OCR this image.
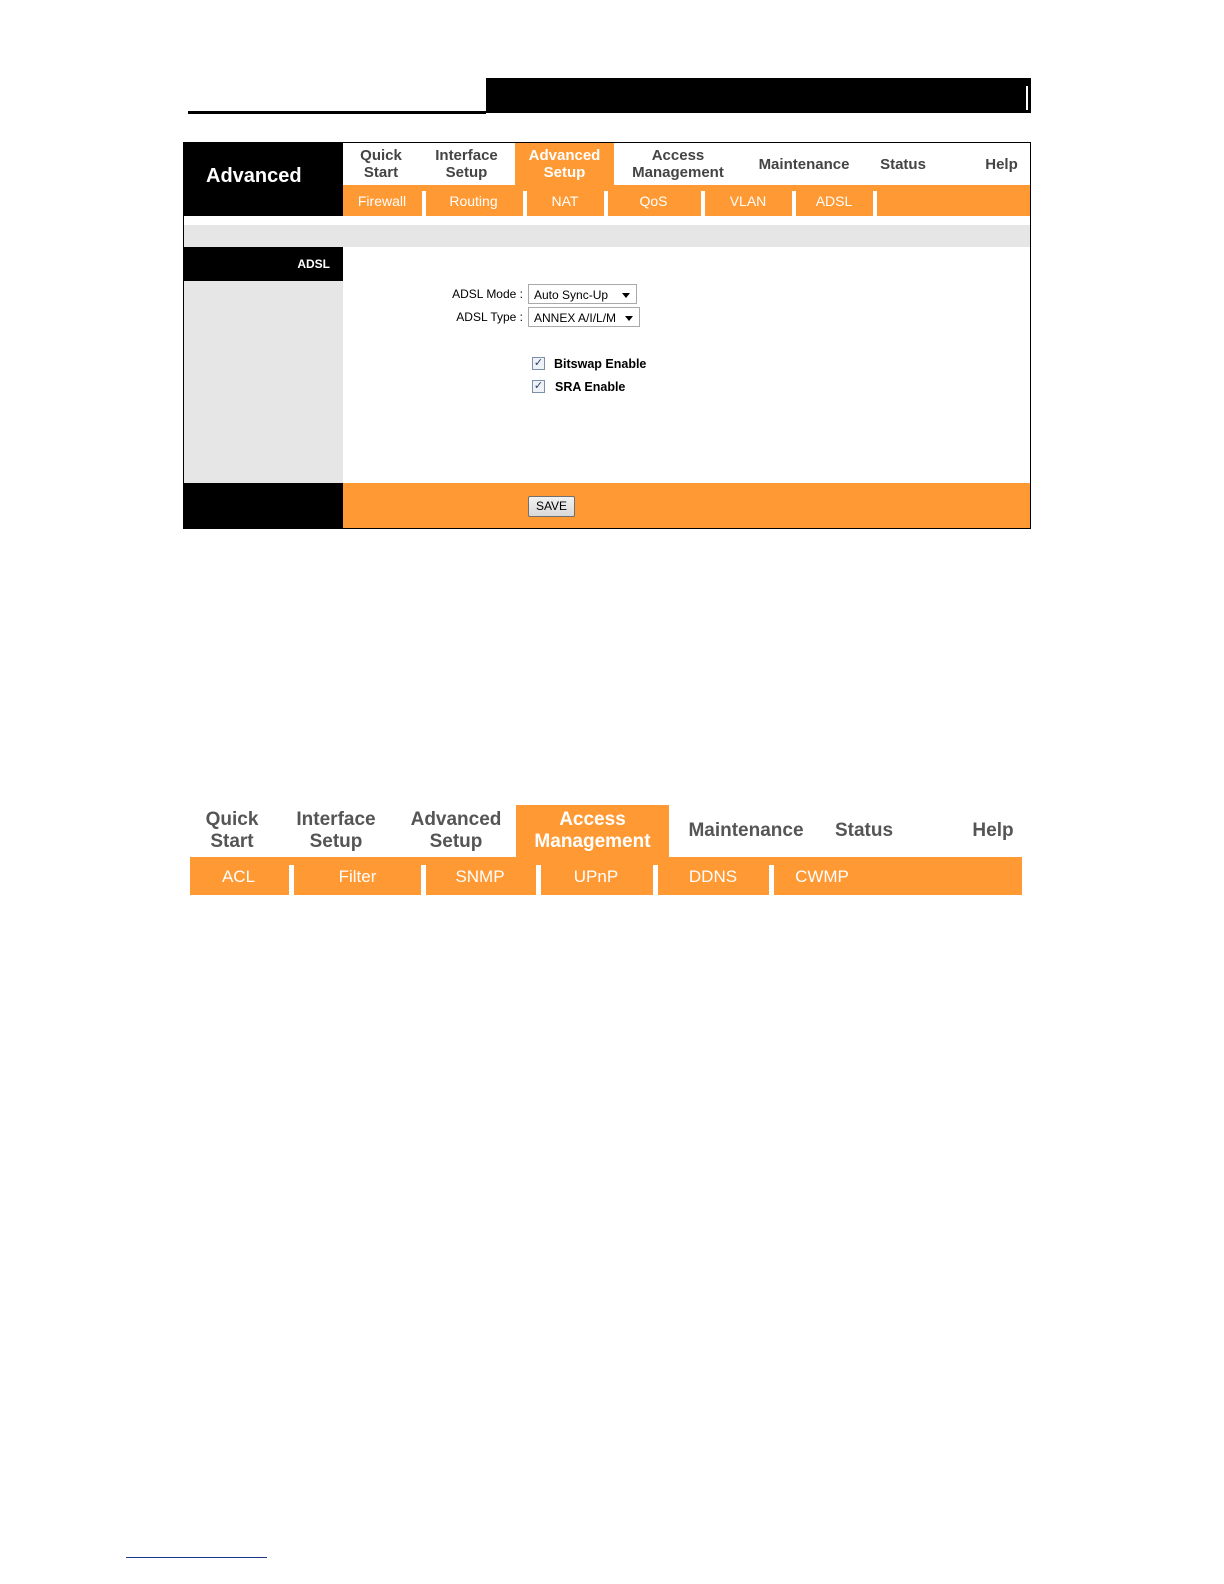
Advanced
Quick
Start
Interface
Setup
Advanced
Setup
Access
Management Maintenance Status	Help
Firewall	Routing	NAT	QoS	VLAN	ADSL
ADSL
ADSL Mode : Auto Sync-Up
ADSL Type : ANNEX A/I/L/M
✓ Bitswap Enable
✓ SRA Enable
SAVE
Quick
Start
Interface
Setup
Advanced
Setup
Access
Management
Maintenance Status	Help
ACL	Filter	SNMP	UPnP	DDNS	CWMP
